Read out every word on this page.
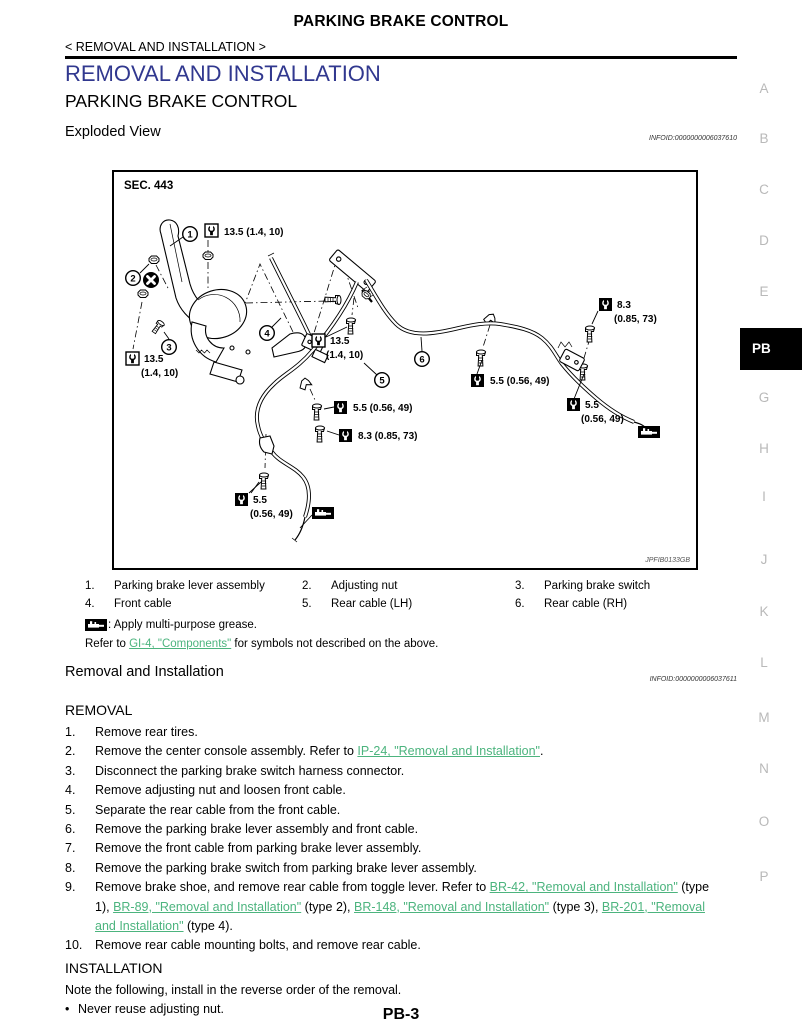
PARKING BRAKE CONTROL
< REMOVAL AND INSTALLATION >
REMOVAL AND INSTALLATION
PARKING BRAKE CONTROL
Exploded View	INFOID:0000000006037610
SEC. 443
1
2
3
4
5
6
13.5 (1.4, 10)
13.5
(1.4, 10)
13.5
(1.4, 10)
5.5 (0.56, 49)
8.3 (0.85, 73)
5.5
(0.56, 49)
5.5 (0.56, 49)
8.3
(0.85, 73)
5.5
(0.56, 49)
JPFIB0133GB
1.	Parking brake lever assembly	2.	Adjusting nut	3.	Parking brake switch
4.	Front cable	5.	Rear cable (LH)	6.	Rear cable (RH)
: Apply multi-purpose grease.
Refer to GI-4, "Components" for symbols not described on the above.
Removal and Installation	INFOID:0000000006037611
REMOVAL
1.	Remove rear tires.
2.	Remove the center console assembly. Refer to IP-24, "Removal and Installation".
3.	Disconnect the parking brake switch harness connector.
4.	Remove adjusting nut and loosen front cable.
5.	Separate the rear cable from the front cable.
6.	Remove the parking brake lever assembly and front cable.
7.	Remove the front cable from parking brake lever assembly.
8.	Remove the parking brake switch from parking brake lever assembly.
9.	Remove brake shoe, and remove rear cable from toggle lever. Refer to BR-42, "Removal and Installation" (type 1), BR-89, "Removal and Installation" (type 2), BR-148, "Removal and Installation" (type 3), BR-201, "Removal and Installation" (type 4).
10.	Remove rear cable mounting bolts, and remove rear cable.
INSTALLATION
Note the following, install in the reverse order of the removal.
• Never reuse adjusting nut.	PB-3
A
B
C
D
E
G
H
I
J
K
L
M
N
O
P
PB
